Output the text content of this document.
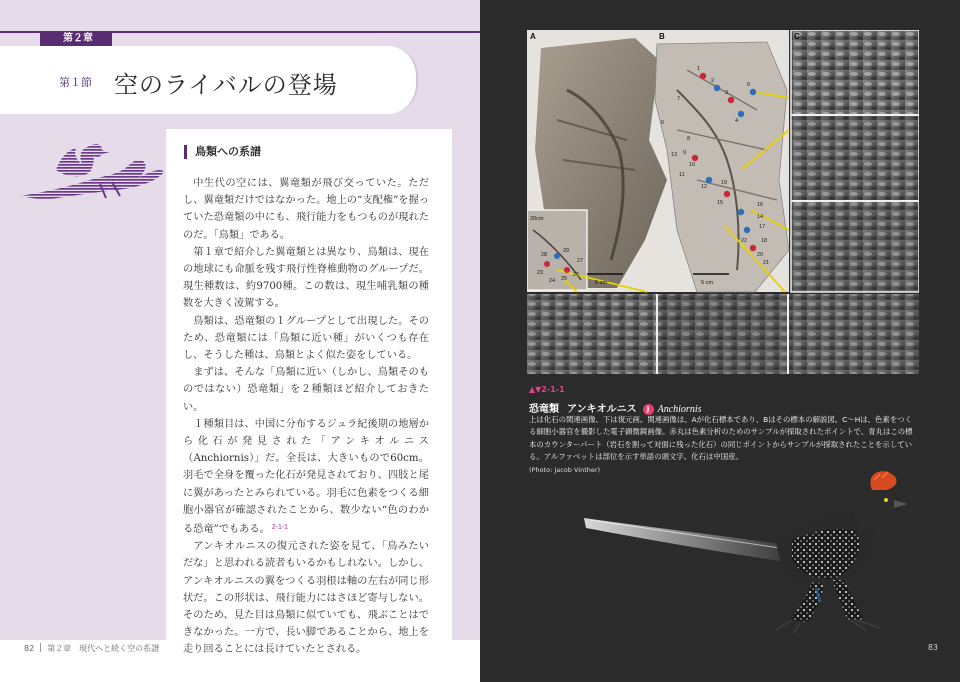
第２章
第１節 空のライバルの登場
鳥類への系譜

中生代の空には、翼竜類が飛び交っていた。ただし、翼竜類だけではなかった。地上の“支配権”を握っていた恐竜類の中にも、飛行能力をもつものが現れたのだ。「鳥類」である。

第１章で紹介した翼竜類とは異なり、鳥類は、現在の地球にも命脈を残す飛行性脊椎動物のグループだ。現生種数は、約9700種。この数は、現生哺乳類の種数を大きく凌駕する。

鳥類は、恐竜類の１グループとして出現した。そのため、恐竜類には「鳥類に近い種」がいくつも存在し、そうした種は、鳥類とよく似た姿をしている。

まずは、そんな「鳥類に近い（しかし、鳥類そのものではない）恐竜類」を２種類ほど紹介しておきたい。

１種類目は、中国に分布するジュラ紀後期の地層から化石が発見された「アンキオルニス（Anchiornis）」だ。全長は、大きいもので60cm。羽毛で全身を覆った化石が発見されており、四肢と尾に翼があったとみられている。羽毛に色素をつくる細胞小器官が確認されたことから、数少ない“色のわかる恐竜”でもある。 $^{2-1-1}$

アンキオルニスの復元された姿を見て、「鳥みたいだな」と思われる読者もいるかもしれない。しかし、アンキオルニスの翼をつくる羽根は軸の左右が同じ形状だ。この形状は、飛行能力にはさほど寄与しない。そのため、見た目は鳥類に似ていても、飛ぶことはできなかった。一方で、長い脚であることから、地上を走り回ることには長けていたとされる。

82 第２章　現代へと続く空の系譜
1
2
3
4
5
6
7
8
9
10
11
12
13
14
15	16
17
18
19
20
21
22
23
24 25
26
27
28
29
A	B
5 cm	5 cm
20cm
C
▲▼2-1-1
恐竜類 アンキオルニス J Anchiornis
上は化石の関連画像、下は復元画。関連画像は、Aが化石標本であり、Bはその標本の解説図。C～Hは、色素をつくる細胞小器官を撮影した電子顕微鏡画像。赤丸は色素分析のためのサンプルが採取されたポイントで、青丸はこの標本のカウンターパート（岩石を割って対面に残った化石）の同じポイントからサンプルが採取されたことを示している。アルファベットは部位を示す単語の頭文字。化石は中国産。
(Photo: Jacob Vinther)
83
